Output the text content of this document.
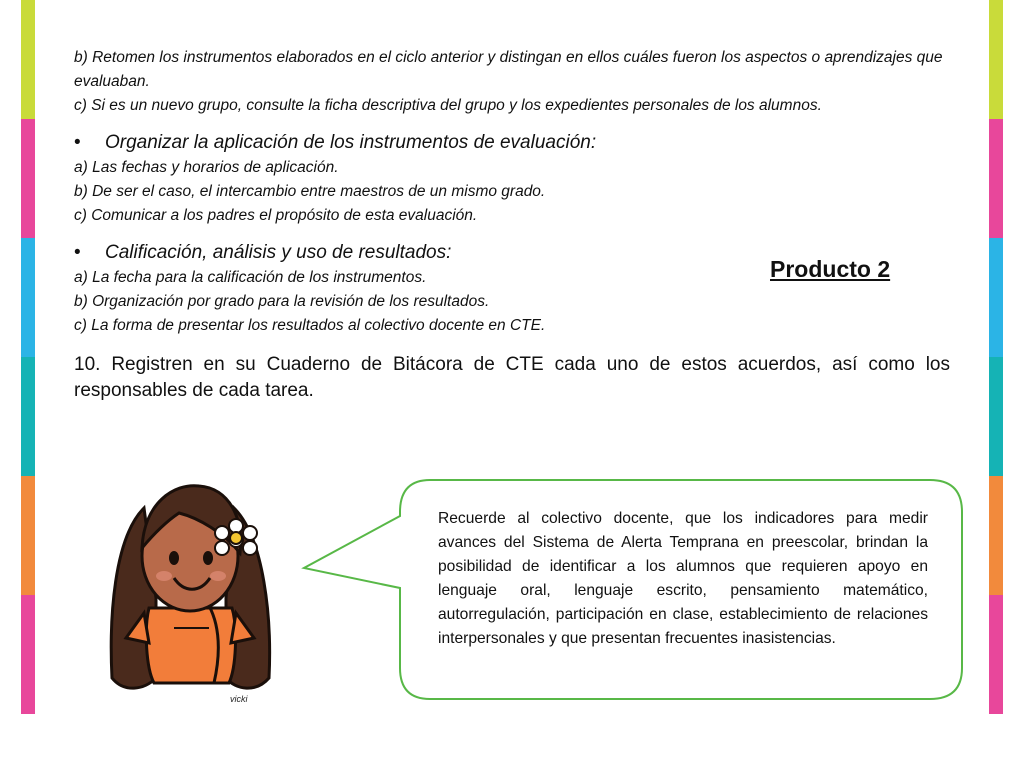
b) Retomen los instrumentos elaborados en el ciclo anterior y distingan en ellos cuáles fueron los aspectos o aprendizajes que evaluaban.

c) Si es un nuevo grupo, consulte la ficha descriptiva del grupo y los expedientes personales de los alumnos.

•	Organizar la aplicación de los instrumentos de evaluación:

a) Las fechas y horarios de aplicación.

b) De ser el caso, el intercambio entre maestros de un mismo grado.

c) Comunicar a los padres el propósito de esta evaluación.

•	Calificación, análisis y uso de resultados:

a) La fecha para la calificación de los instrumentos.

b) Organización por grado para la revisión de los resultados.

c) La forma de presentar los resultados al colectivo docente en CTE.

10. Registren en su Cuaderno de Bitácora de CTE cada uno de estos acuerdos, así como los responsables de cada tarea.

Producto 2
vicki
Recuerde al colectivo docente, que los indicadores para medir avances del Sistema de Alerta Temprana en preescolar, brindan la posibilidad de identificar a los alumnos que requieren apoyo en lenguaje oral, lenguaje escrito, pensamiento matemático, autorregulación, participación en clase, establecimiento de relaciones interpersonales y que presentan frecuentes inasistencias.
